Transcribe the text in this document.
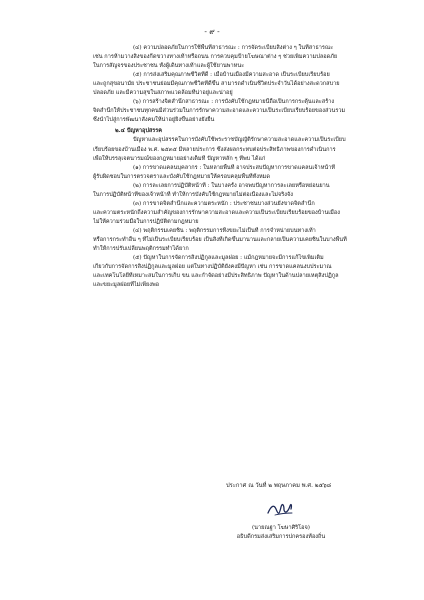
- ๙ -

(๔) ความปลอดภัยในการใช้พื้นที่สาธารณะ : การจัดระเบียบสิ่งต่าง ๆ ในที่สาธารณะ

เช่น การห้ามวางสิ่งของกีดขวางทางเท้าหรือถนน การควบคุมป้ายโฆษณาต่าง ๆ ช่วยเพิ่มความปลอดภัย

ในการสัญจรของประชาชน ทั้งผู้เดินทางเท้าและผู้ใช้ยานพาหนะ

(๕) การส่งเสริมคุณภาพชีวิตที่ดี : เมื่อบ้านเมืองมีความสะอาด เป็นระเบียบเรียบร้อย

และถูกสุขอนามัย ประชาชนย่อมมีคุณภาพชีวิตที่ดีขึ้น สามารถดำเนินชีวิตประจำวันได้อย่างสะดวกสบาย

ปลอดภัย และมีความสุขในสภาพแวดล้อมที่น่าอยู่และน่าอยู่

(๖) การสร้างจิตสำนึกสาธารณะ : การบังคับใช้กฎหมายนี้ถือเป็นการกระตุ้นและสร้าง

จิตสำนึกให้ประชาชนทุกคนมีส่วนร่วมในการรักษาความสะอาดและความเป็นระเบียบเรียบร้อยของส่วนรวม

ซึ่งนำไปสู่การพัฒนาสังคมให้น่าอยู่ยิ่งขึ้นอย่างยั่งยืน

๒.๔ ปัญหาอุปสรรค

ปัญหาและอุปสรรคในการบังคับใช้พระราชบัญญัติรักษาความสะอาดและความเป็นระเบียบ

เรียบร้อยของบ้านเมือง พ.ศ. ๒๕๓๕ มีหลายประการ ซึ่งส่งผลกระทบต่อประสิทธิภาพของการดำเนินการ

เพื่อให้บรรลุเจตนารมณ์ของกฎหมายอย่างเต็มที่ ปัญหาหลัก ๆ ที่พบ ได้แก่

(๑) การขาดแคลนบุคลากร : ในหลายพื้นที่ อาจประสบปัญหาการขาดแคลนเจ้าหน้าที่

ผู้รับผิดชอบในการตรวจตราและบังคับใช้กฎหมายให้ครอบคลุมพื้นที่ทั้งหมด

(๒) การละเลยการปฏิบัติหน้าที่ : ในบางครั้ง อาจพบปัญหาการละเลยหรือหย่อนยาน

ในการปฏิบัติหน้าที่ของเจ้าหน้าที่ ทำให้การบังคับใช้กฎหมายไม่ต่อเนื่องและไม่จริงจัง

(๓) การขาดจิตสำนึกและความตระหนัก : ประชาชนบางส่วนยังขาดจิตสำนึก

และความตระหนักถึงความสำคัญของการรักษาความสะอาดและความเป็นระเบียบเรียบร้อยของบ้านเมือง

ไม่ให้ความร่วมมือในการปฏิบัติตามกฎหมาย

(๔) พฤติกรรมเคยชิน : พฤติกรรมการทิ้งขยะไม่เป็นที่ การจำหน่ายบนทางเท้า

หรือการกระทำอื่น ๆ ที่ไม่เป็นระเบียบเรียบร้อย เป็นสิ่งที่เกิดขึ้นมานานและกลายเป็นความเคยชินในบางพื้นที่

ทำให้การปรับเปลี่ยนพฤติกรรมทำได้ยาก

(๕) ปัญหาในการจัดการสิ่งปฏิกูลและมูลฝอย : แม้กฎหมายจะมีการแก้ไขเพิ่มเติม

เกี่ยวกับการจัดการสิ่งปฏิกูลและมูลฝอย แต่ในทางปฏิบัติยังคงมีปัญหา เช่น การขาดแคลนงบประมาณ

และเทคโนโลยีที่เหมาะสมในการเก็บ ขน และกำจัดอย่างมีประสิทธิภาพ ปัญหาในด้านปลายเหตุสิ่งปฏิกูล

และขยะมูลฝอยที่ไม่เพียงพอ

ประกาศ ณ วันที่ ๒ พฤษภาคม พ.ศ. ๒๕๖๘
(นายณฐา โฆษาศิริโอจ)
อธิบดีกรมส่งเสริมการปกครองท้องถิ่น
